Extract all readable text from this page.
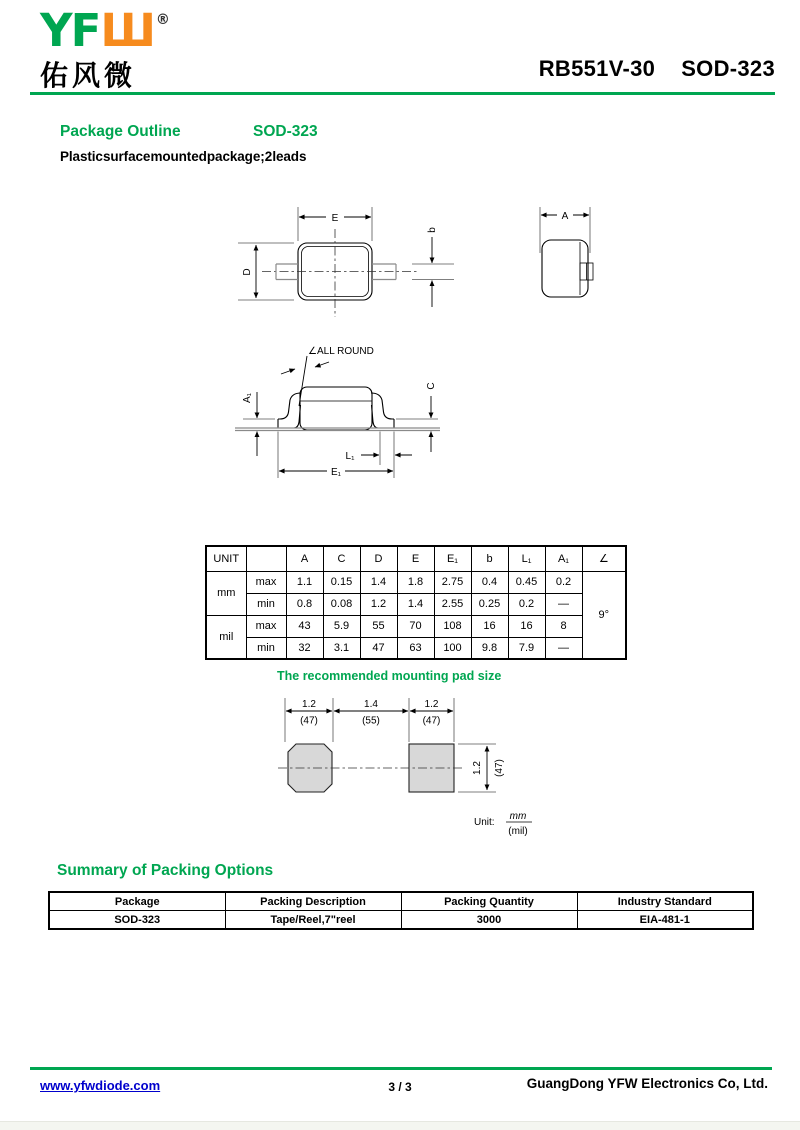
YFШ ®
佑风微	RB551V-30 SOD-323
Package Outline	SOD-323
Plastic surface mounted package; 2 leads
E
D
b
A
∠ALL ROUND
A₁
C
L₁
E₁
UNIT		A	C	D	E	E₁	b	L₁	A₁	∠
mm	max	1.1	0.15	1.4	1.8	2.75	0.4	0.45	0.2	9°
	min	0.8	0.08	1.2	1.4	2.55	0.25	0.2	—	
mil	max	43	5.9	55	70	108	16	16	8	
	min	32	3.1	47	63	100	9.8	7.9	—	
The recommended mounting pad size
1.2
(47)
1.4
(55)
1.2
(47)
1.2 (47)
Unit:
mm
(mil)
Summary of Packing Options
Package	Packing Description	Packing Quantity	Industry Standard
SOD-323	Tape/Reel,7"reel	3000	EIA-481-1
www.yfwdiode.com	3 / 3	GuangDong YFW Electronics Co, Ltd.
